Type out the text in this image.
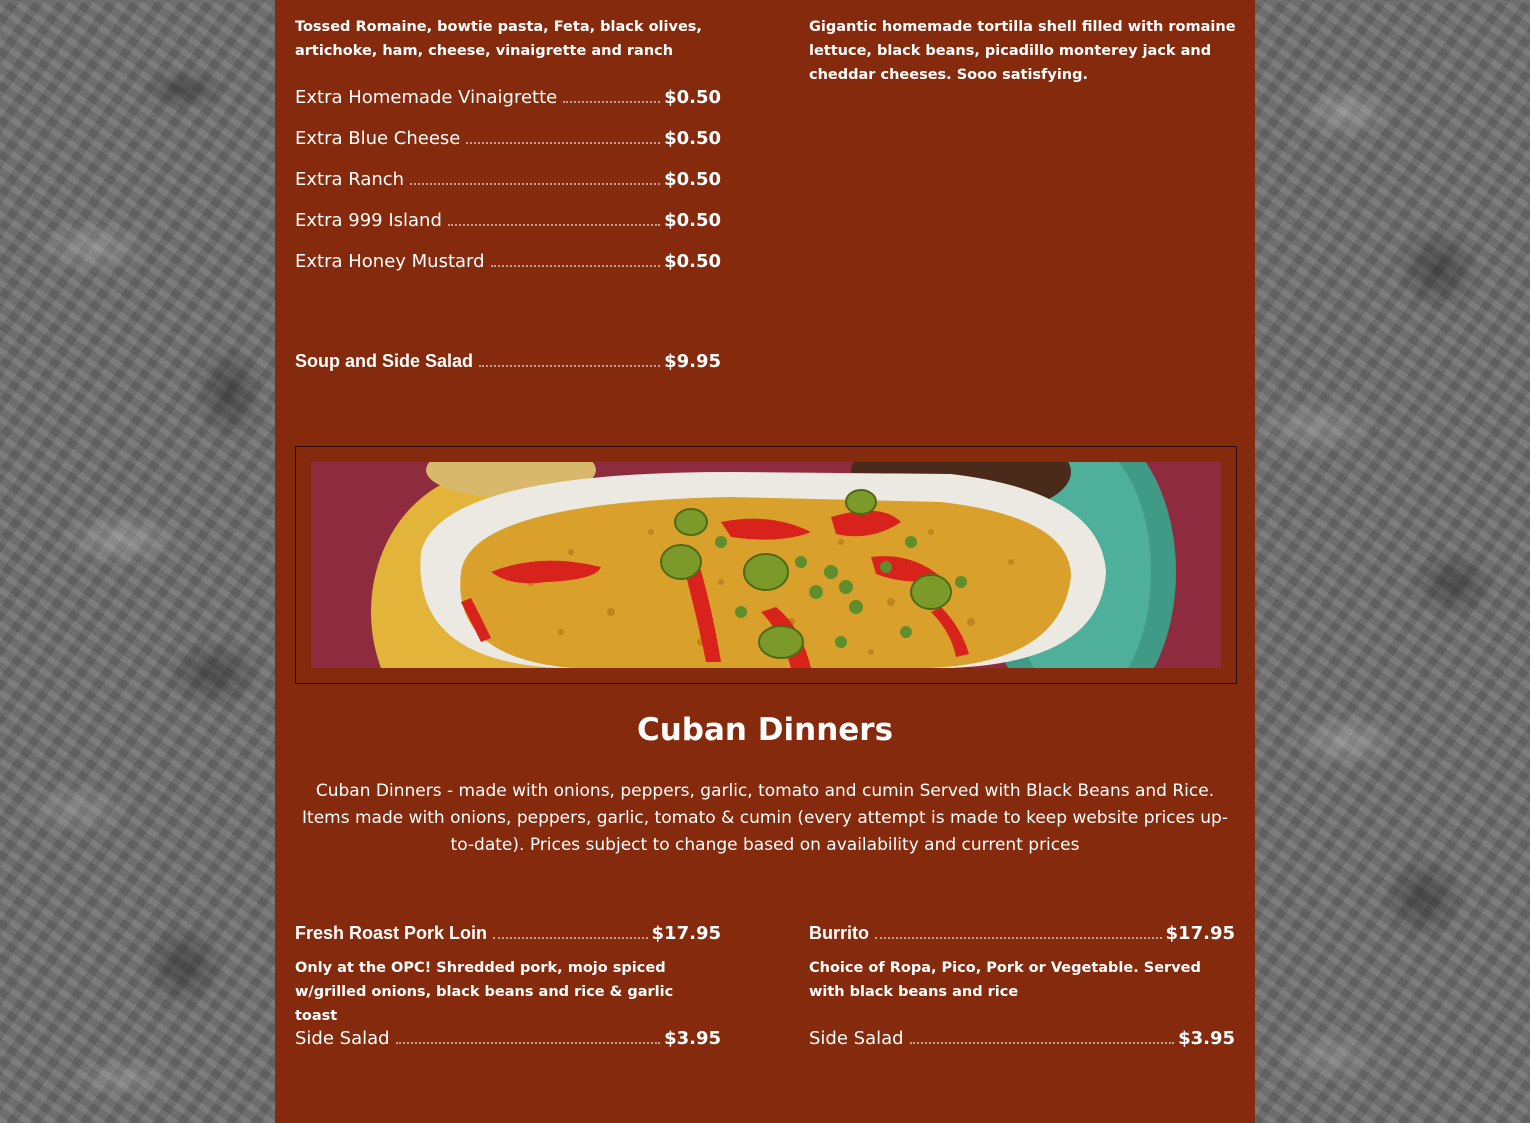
Tossed Romaine, bowtie pasta, Feta, black olives, artichoke, ham, cheese, vinaigrette and ranch
Extra Homemade Vinaigrette	$0.50
Extra Blue Cheese	$0.50
Extra Ranch	$0.50
Extra 999 Island	$0.50
Extra Honey Mustard	$0.50
Soup and Side Salad	$9.95
Gigantic homemade tortilla shell filled with romaine lettuce, black beans, picadillo monterey jack and cheddar cheeses. Sooo satisfying.
Cuban Dinners
Cuban Dinners - made with onions, peppers, garlic, tomato and cumin Served with Black Beans and Rice. Items made with onions, peppers, garlic, tomato & cumin (every attempt is made to keep website prices up-to-date). Prices subject to change based on availability and current prices
Fresh Roast Pork Loin	$17.95
Only at the OPC! Shredded pork, mojo spiced w/grilled onions, black beans and rice & garlic toast
Side Salad	$3.95
Burrito	$17.95
Choice of Ropa, Pico, Pork or Vegetable. Served with black beans and rice
Side Salad	$3.95
